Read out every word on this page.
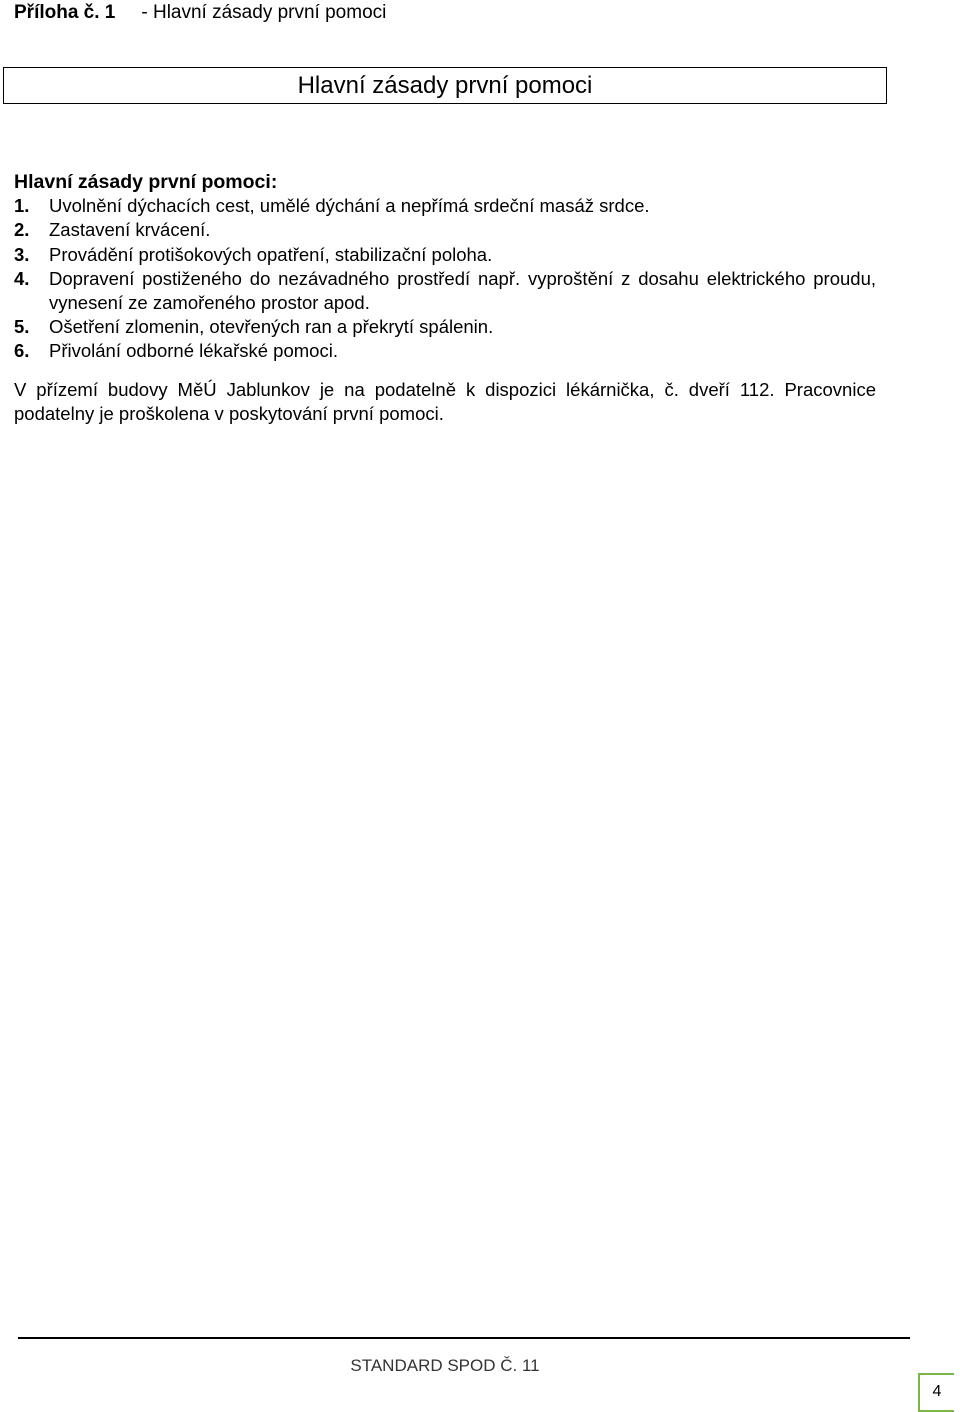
Příloha č. 1 - Hlavní zásady první pomoci
Hlavní zásady první pomoci
Hlavní zásady první pomoci:
1. Uvolnění dýchacích cest, umělé dýchání a nepřímá srdeční masáž srdce.
2. Zastavení krvácení.
3. Provádění protišokových opatření, stabilizační poloha.
4. Dopravení postiženého do nezávadného prostředí např. vyproštění z dosahu elektrického proudu, vynesení ze zamořeného prostor apod.
5. Ošetření zlomenin, otevřených ran a překrytí spálenin.
6. Přivolání odborné lékařské pomoci.
V přízemí budovy MěÚ Jablunkov je na podatelně k dispozici lékárnička, č. dveří 112. Pracovnice podatelny je proškolena v poskytování první pomoci.
STANDARD SPOD Č. 11
4
